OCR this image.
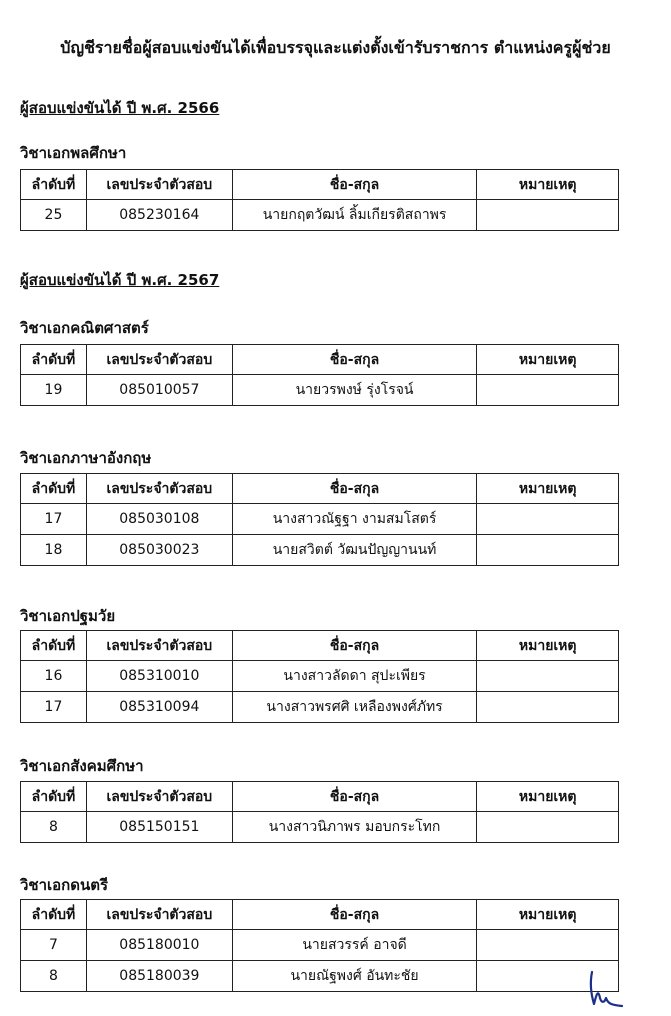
บัญชีรายชื่อผู้สอบแข่งขันได้เพื่อบรรจุและแต่งตั้งเข้ารับราชการ ตำแหน่งครูผู้ช่วย
ผู้สอบแข่งขันได้ ปี พ.ศ. 2566
วิชาเอกพลศึกษา
ลำดับที่	เลขประจำตัวสอบ	ชื่อ-สกุล	หมายเหตุ
25	085230164	นายกฤตวัฒน์ ลิ้มเกียรติสถาพร	
ผู้สอบแข่งขันได้ ปี พ.ศ. 2567
วิชาเอกคณิตศาสตร์
ลำดับที่	เลขประจำตัวสอบ	ชื่อ-สกุล	หมายเหตุ
19	085010057	นายวรพงษ์ รุ่งโรจน์	
วิชาเอกภาษาอังกฤษ
ลำดับที่	เลขประจำตัวสอบ	ชื่อ-สกุล	หมายเหตุ
17	085030108	นางสาวณัฐฐา งามสมโสตร์	
18	085030023	นายสวิตต์ วัฒนปัญญานนท์	
วิชาเอกปฐมวัย
ลำดับที่	เลขประจำตัวสอบ	ชื่อ-สกุล	หมายเหตุ
16	085310010	นางสาวลัดดา สุปะเพียร	
17	085310094	นางสาวพรศศิ เหลืองพงศ์ภัทร	
วิชาเอกสังคมศึกษา
ลำดับที่	เลขประจำตัวสอบ	ชื่อ-สกุล	หมายเหตุ
8	085150151	นางสาวนิภาพร มอบกระโทก	
วิชาเอกดนตรี
ลำดับที่	เลขประจำตัวสอบ	ชื่อ-สกุล	หมายเหตุ
7	085180010	นายสวรรค์ อาจดี	
8	085180039	นายณัฐพงศ์ อันทะชัย	
